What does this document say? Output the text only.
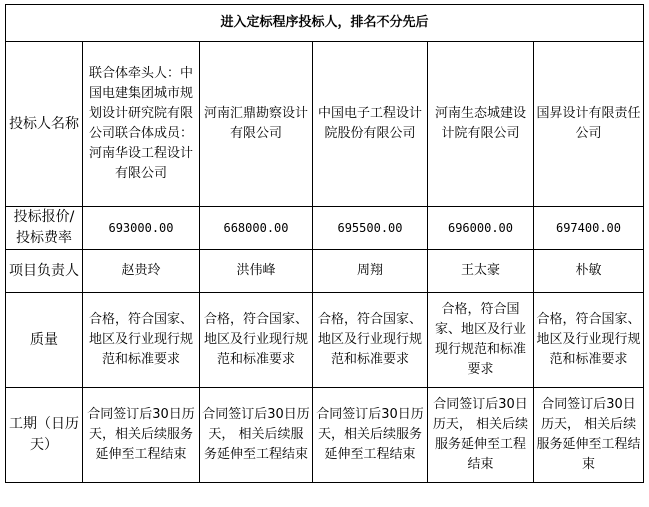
进入定标程序投标人，排名不分先后					
投标人名称	联合体牵头人：中国电建集团城市规划设计研究院有限公司联合体成员：河南华设工程设计有限公司	河南汇鼎勘察设计有限公司	中国电子工程设计院股份有限公司	河南生态城建设计院有限公司	国昇设计有限责任公司
投标报价/投标费率	693000.00	668000.00	695500.00	696000.00	697400.00
项目负责人	赵贵玲	洪伟峰	周翔	王太豪	朴敏
质量	合格，符合国家、地区及行业现行规范和标准要求	合格，符合国家、地区及行业现行规范和标准要求	合格，符合国家、地区及行业现行规范和标准要求	合格，符合国家、地区及行业现行规范和标准要求	合格，符合国家、地区及行业现行规范和标准要求
工期（日历天）	合同签订后30日历天，相关后续服务延伸至工程结束	合同签订后30日历天， 相关后续服务延伸至工程结束	合同签订后30日历天，相关后续服务延伸至工程结束	合同签订后30日历天， 相关后续服务延伸至工程结束	合同签订后30日历天， 相关后续服务延伸至工程结束
